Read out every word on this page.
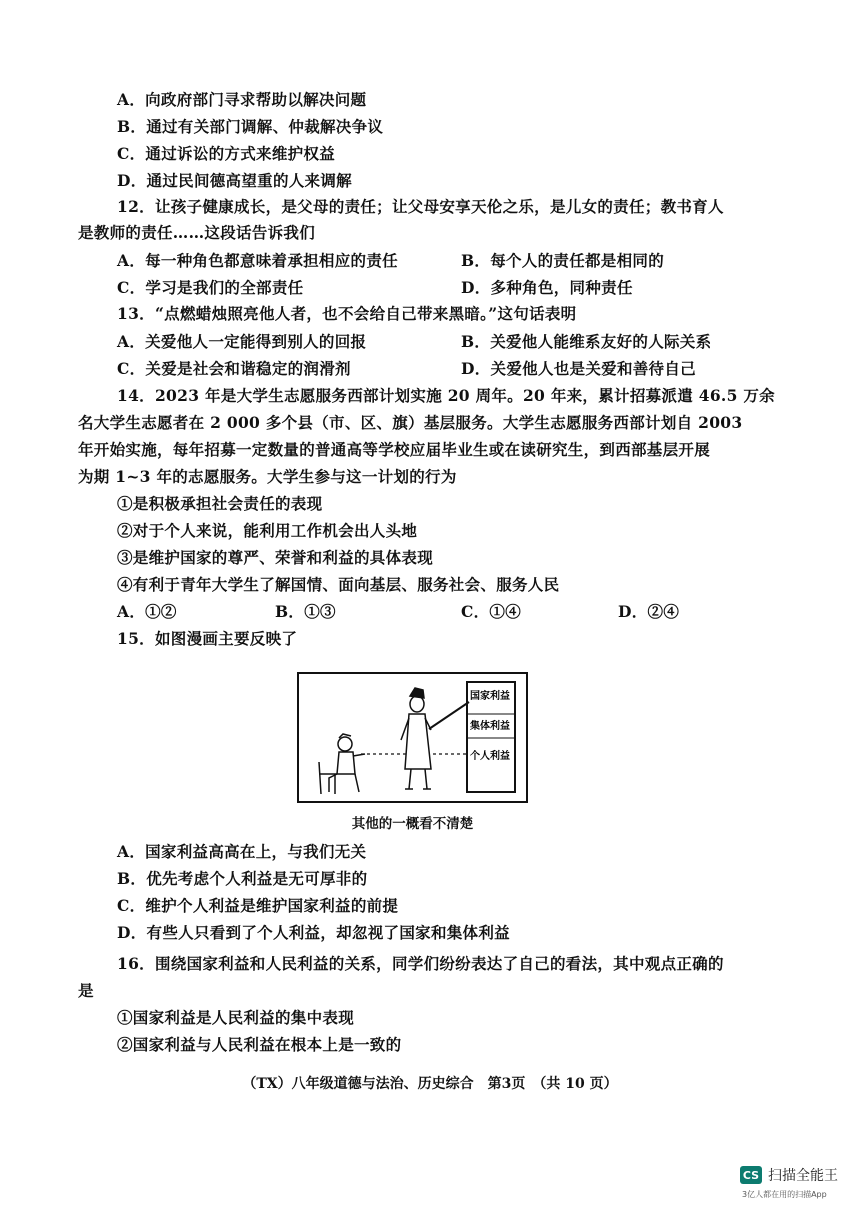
A．向政府部门寻求帮助以解决问题
B．通过有关部门调解、仲裁解决争议
C．通过诉讼的方式来维护权益
D．通过民间德高望重的人来调解
12．让孩子健康成长，是父母的责任；让父母安享天伦之乐，是儿女的责任；教书育人
是教师的责任……这段话告诉我们
A．每一种角色都意味着承担相应的责任	B．每个人的责任都是相同的
C．学习是我们的全部责任	D．多种角色，同种责任
13．“点燃蜡烛照亮他人者，也不会给自己带来黑暗。”这句话表明
A．关爱他人一定能得到别人的回报	B．关爱他人能维系友好的人际关系
C．关爱是社会和谐稳定的润滑剂	D．关爱他人也是关爱和善待自己
14．2023 年是大学生志愿服务西部计划实施 20 周年。20 年来，累计招募派遣 46.5 万余
名大学生志愿者在 2 000 多个县（市、区、旗）基层服务。大学生志愿服务西部计划自 2003
年开始实施，每年招募一定数量的普通高等学校应届毕业生或在读研究生，到西部基层开展
为期 1~3 年的志愿服务。大学生参与这一计划的行为
①是积极承担社会责任的表现
②对于个人来说，能利用工作机会出人头地
③是维护国家的尊严、荣誉和利益的具体表现
④有利于青年大学生了解国情、面向基层、服务社会、服务人民
A．①②	B．①③	C．①④	D．②④
15．如图漫画主要反映了
国家利益
集体利益
个人利益
其他的一概看不清楚
A．国家利益高高在上，与我们无关
B．优先考虑个人利益是无可厚非的
C．维护个人利益是维护国家利益的前提
D．有些人只看到了个人利益，却忽视了国家和集体利益
16．围绕国家利益和人民利益的关系，同学们纷纷表达了自己的看法，其中观点正确的
是
①国家利益是人民利益的集中表现
②国家利益与人民利益在根本上是一致的
（TX）八年级道德与法治、历史综合　第3页　（共 10 页）
CS 扫描全能王
3亿人都在用的扫描App
